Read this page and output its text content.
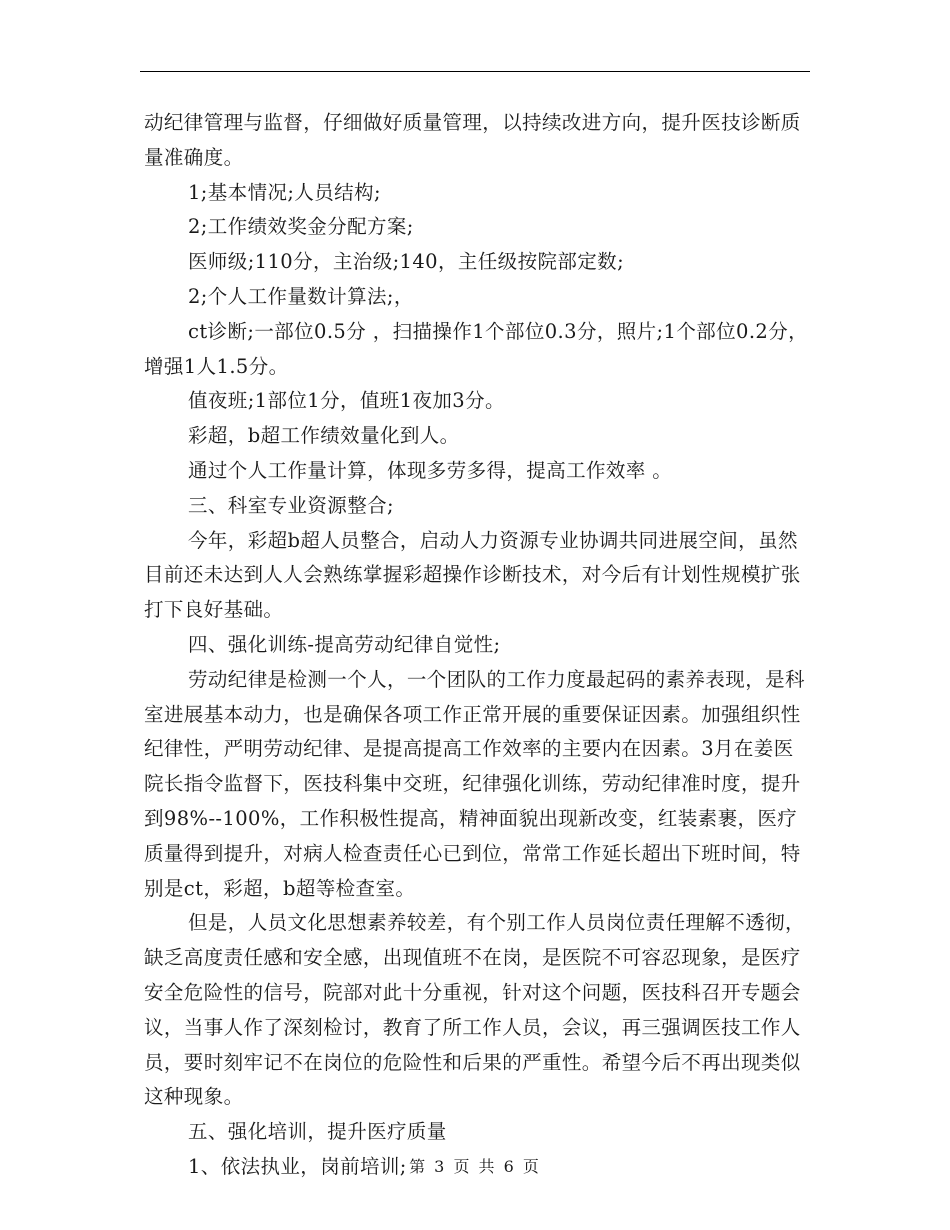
动纪律管理与监督，仔细做好质量管理，以持续改进方向，提升医技诊断质量准确度。

1;基本情况;人员结构;

2;工作绩效奖金分配方案;

医师级;110分，主治级;140，主任级按院部定数;

2;个人工作量数计算法;，

ct诊断;一部位0.5分 ，扫描操作1个部位0.3分，照片;1个部位0.2分，增强1人1.5分。

值夜班;1部位1分，值班1夜加3分。

彩超，b超工作绩效量化到人。

通过个人工作量计算，体现多劳多得，提高工作效率 。

三、科室专业资源整合;

今年，彩超b超人员整合，启动人力资源专业协调共同进展空间，虽然目前还未达到人人会熟练掌握彩超操作诊断技术，对今后有计划性规模扩张打下良好基础。

四、强化训练-提高劳动纪律自觉性;

劳动纪律是检测一个人，一个团队的工作力度最起码的素养表现，是科室进展基本动力，也是确保各项工作正常开展的重要保证因素。加强组织性纪律性，严明劳动纪律、是提高提高工作效率的主要内在因素。3月在姜医院长指令监督下，医技科集中交班，纪律强化训练，劳动纪律准时度，提升到98%--100%，工作积极性提高，精神面貌出现新改变，红装素裹，医疗质量得到提升，对病人检查责任心已到位，常常工作延长超出下班时间，特别是ct，彩超，b超等检查室。

但是，人员文化思想素养较差，有个别工作人员岗位责任理解不透彻，缺乏高度责任感和安全感，出现值班不在岗，是医院不可容忍现象，是医疗安全危险性的信号，院部对此十分重视，针对这个问题，医技科召开专题会议，当事人作了深刻检讨，教育了所工作人员，会议，再三强调医技工作人员，要时刻牢记不在岗位的危险性和后果的严重性。希望今后不再出现类似这种现象。

五、强化培训，提升医疗质量

1、依法执业，岗前培训; 第 3 页 共 6 页
